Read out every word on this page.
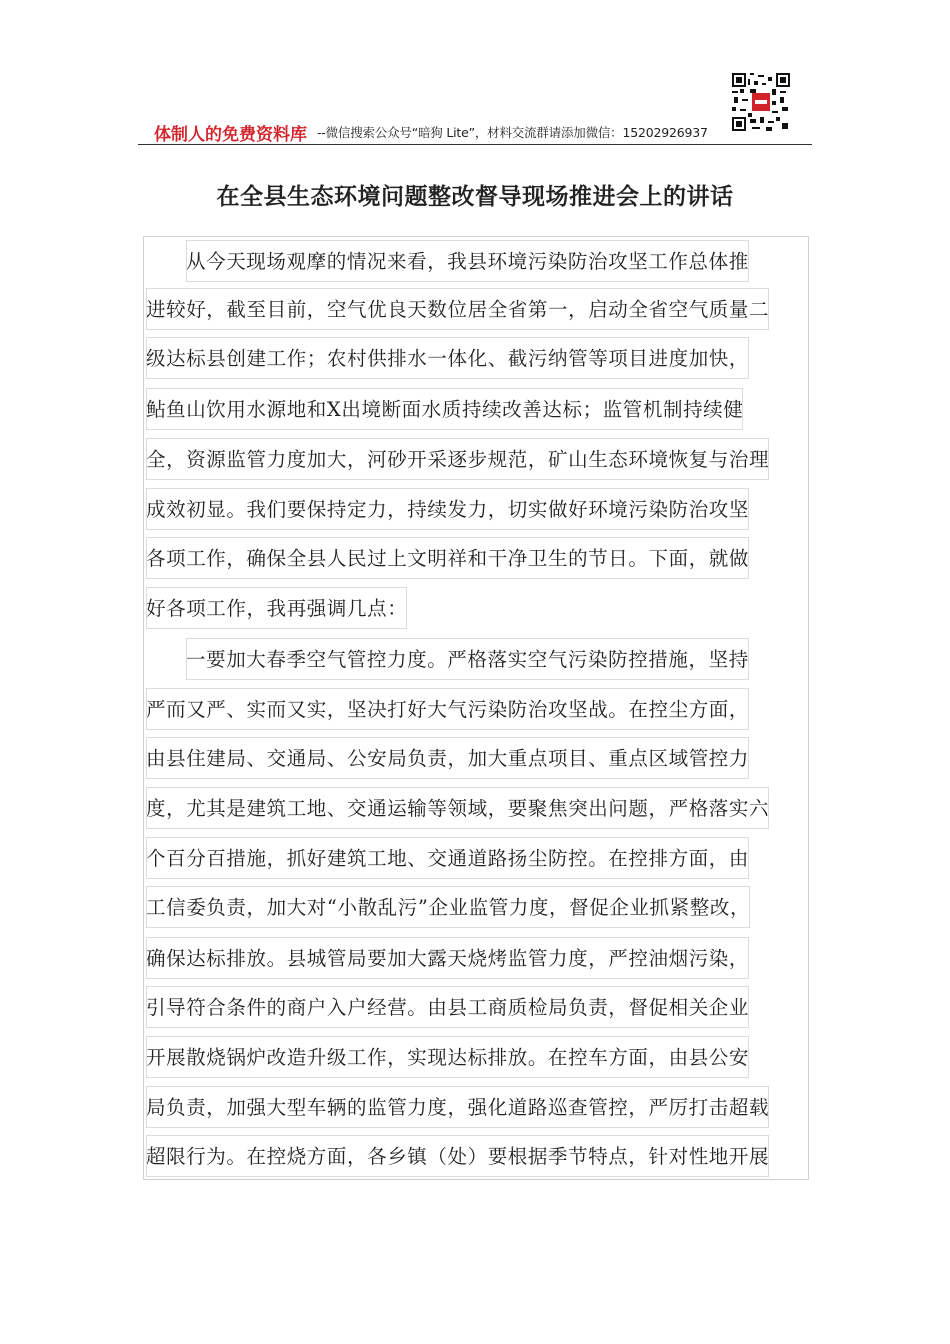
体制人的免费资料库 --微信搜索公众号“暗狗 Lite”，材料交流群请添加微信：15202926937
在全县生态环境问题整改督导现场推进会上的讲话
从今天现场观摩的情况来看，我县环境污染防治攻坚工作总体推
进较好，截至目前，空气优良天数位居全省第一，启动全省空气质量二
级达标县创建工作；农村供排水一体化、截污纳管等项目进度加快，
鲇鱼山饮用水源地和X出境断面水质持续改善达标；监管机制持续健
全，资源监管力度加大，河砂开采逐步规范，矿山生态环境恢复与治理
成效初显。我们要保持定力，持续发力，切实做好环境污染防治攻坚
各项工作，确保全县人民过上文明祥和干净卫生的节日。下面，就做
好各项工作，我再强调几点：
一要加大春季空气管控力度。严格落实空气污染防控措施，坚持
严而又严、实而又实，坚决打好大气污染防治攻坚战。在控尘方面，
由县住建局、交通局、公安局负责，加大重点项目、重点区域管控力
度，尤其是建筑工地、交通运输等领域，要聚焦突出问题，严格落实六
个百分百措施，抓好建筑工地、交通道路扬尘防控。在控排方面，由
工信委负责，加大对“小散乱污”企业监管力度，督促企业抓紧整改，
确保达标排放。县城管局要加大露天烧烤监管力度，严控油烟污染，
引导符合条件的商户入户经营。由县工商质检局负责，督促相关企业
开展散烧锅炉改造升级工作，实现达标排放。在控车方面，由县公安
局负责，加强大型车辆的监管力度，强化道路巡查管控，严厉打击超载
超限行为。在控烧方面，各乡镇（处）要根据季节特点，针对性地开展
